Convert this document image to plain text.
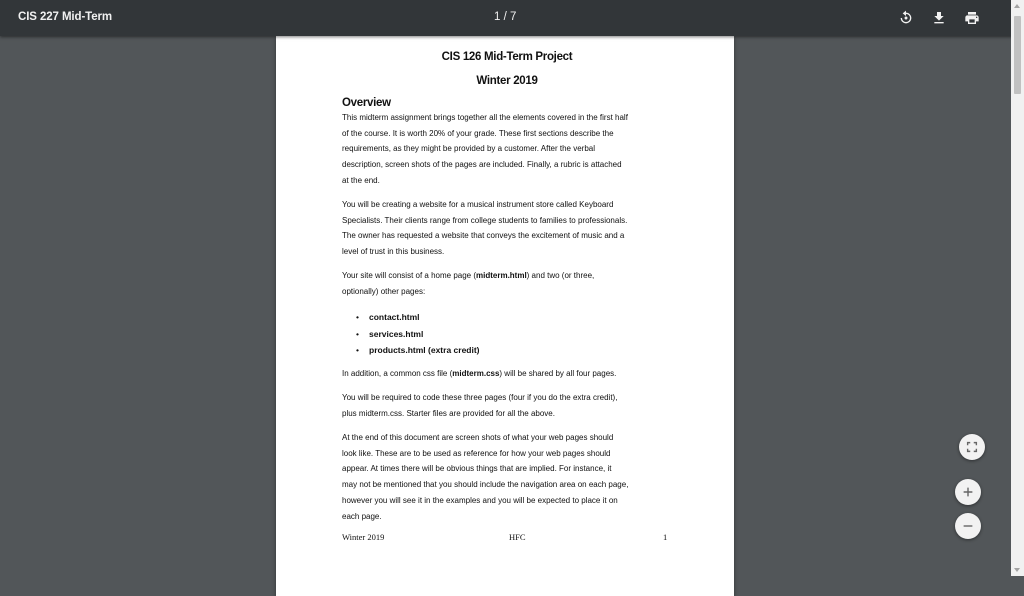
CIS 227 Mid-Term	1 / 7
CIS 126 Mid-Term Project
Winter 2019
Overview
This midterm assignment brings together all the elements covered in the first half
of the course. It is worth 20% of your grade. These first sections describe the
requirements, as they might be provided by a customer. After the verbal
description, screen shots of the pages are included. Finally, a rubric is attached
at the end.
You will be creating a website for a musical instrument store called Keyboard
Specialists. Their clients range from college students to families to professionals.
The owner has requested a website that conveys the excitement of music and a
level of trust in this business.
Your site will consist of a home page (midterm.html) and two (or three,
optionally) other pages:
• contact.html
• services.html
• products.html (extra credit)
In addition, a common css file (midterm.css) will be shared by all four pages.
You will be required to code these three pages (four if you do the extra credit),
plus midterm.css. Starter files are provided for all the above.
At the end of this document are screen shots of what your web pages should
look like. These are to be used as reference for how your web pages should
appear. At times there will be obvious things that are implied. For instance, it
may not be mentioned that you should include the navigation area on each page,
however you will see it in the examples and you will be expected to place it on
each page.
Winter 2019	HFC	1
